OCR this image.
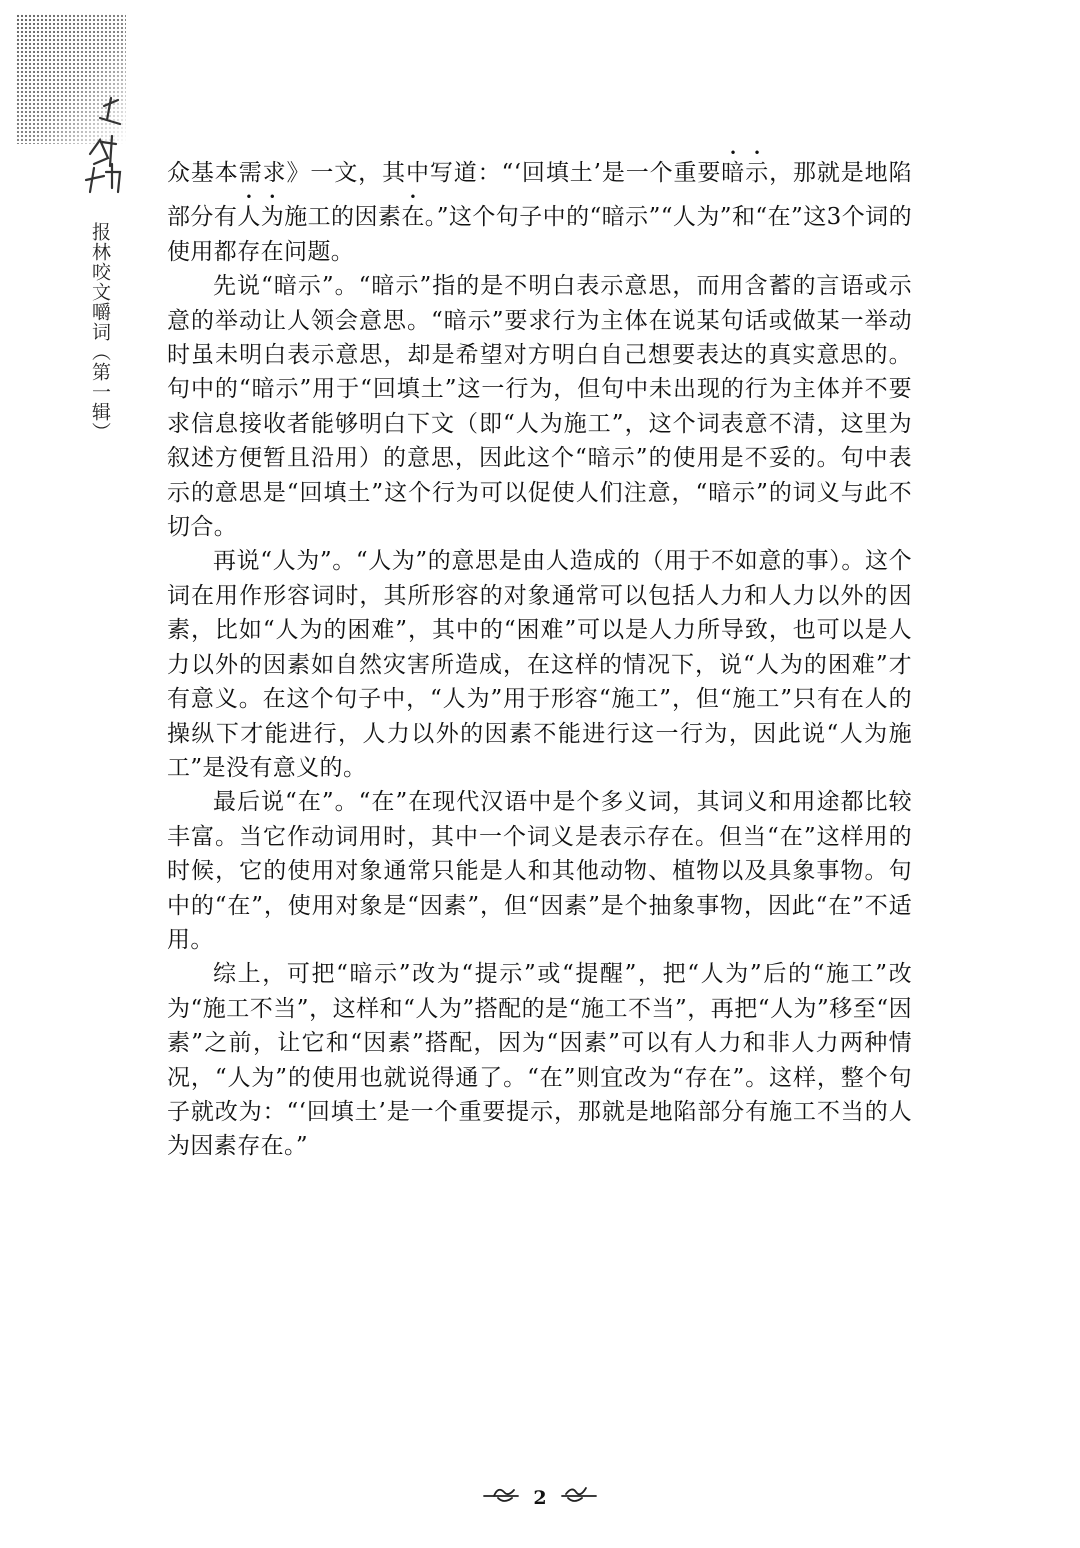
报林咬文嚼词（第一辑）

众基本需求》一文，其中写道：“‘回填土’是一个重要暗示，那就是地陷部分有人为施工的因素在。”这个句子中的“暗示”“人为”和“在”这3个词的使用都存在问题。

先说“暗示”。“暗示”指的是不明白表示意思，而用含蓄的言语或示意的举动让人领会意思。“暗示”要求行为主体在说某句话或做某一举动时虽未明白表示意思，却是希望对方明白自己想要表达的真实意思的。句中的“暗示”用于“回填土”这一行为，但句中未出现的行为主体并不要求信息接收者能够明白下文（即“人为施工”，这个词表意不清，这里为叙述方便暂且沿用）的意思，因此这个“暗示”的使用是不妥的。句中表示的意思是“回填土”这个行为可以促使人们注意，“暗示”的词义与此不切合。

再说“人为”。“人为”的意思是由人造成的（用于不如意的事）。这个词在用作形容词时，其所形容的对象通常可以包括人力和人力以外的因素，比如“人为的困难”，其中的“困难”可以是人力所导致，也可以是人力以外的因素如自然灾害所造成，在这样的情况下，说“人为的困难”才有意义。在这个句子中，“人为”用于形容“施工”，但“施工”只有在人的操纵下才能进行，人力以外的因素不能进行这一行为，因此说“人为施工”是没有意义的。

最后说“在”。“在”在现代汉语中是个多义词，其词义和用途都比较丰富。当它作动词用时，其中一个词义是表示存在。但当“在”这样用的时候，它的使用对象通常只能是人和其他动物、植物以及具象事物。句中的“在”，使用对象是“因素”，但“因素”是个抽象事物，因此“在”不适用。

综上，可把“暗示”改为“提示”或“提醒”，把“人为”后的“施工”改为“施工不当”，这样和“人为”搭配的是“施工不当”，再把“人为”移至“因素”之前，让它和“因素”搭配，因为“因素”可以有人力和非人力两种情况，“人为”的使用也就说得通了。“在”则宜改为“存在”。这样，整个句子就改为：“‘回填土’是一个重要提示，那就是地陷部分有施工不当的人为因素存在。”

2
